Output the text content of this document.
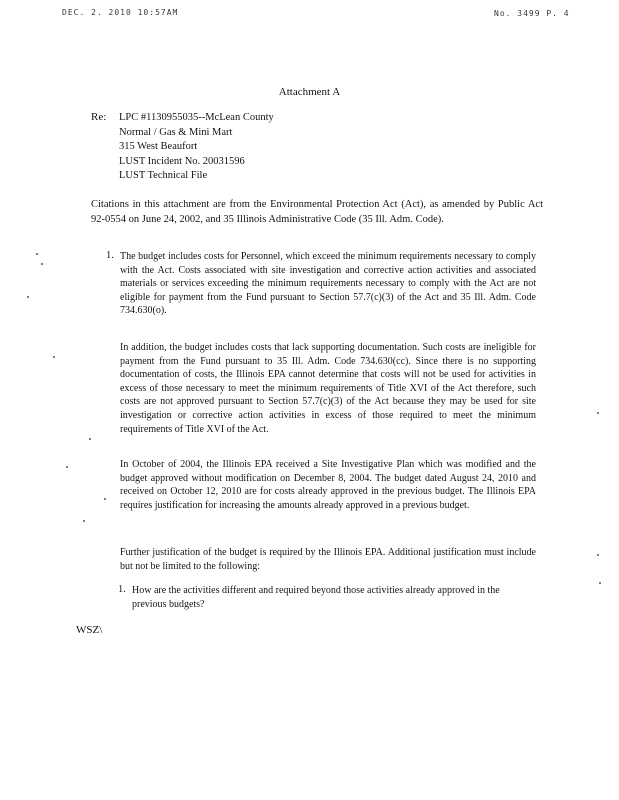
DEC. 2. 2010 10:57AM	No. 3499 P. 4
Attachment A
Re: LPC #1130955035--McLean County
Normal / Gas & Mini Mart
315 West Beaufort
LUST Incident No. 20031596
LUST Technical File
Citations in this attachment are from the Environmental Protection Act (Act), as amended by Public Act 92-0554 on June 24, 2002, and 35 Illinois Administrative Code (35 Ill. Adm. Code).
1. The budget includes costs for Personnel, which exceed the minimum requirements necessary to comply with the Act. Costs associated with site investigation and corrective action activities and associated materials or services exceeding the minimum requirements necessary to comply with the Act are not eligible for payment from the Fund pursuant to Section 57.7(c)(3) of the Act and 35 Ill. Adm. Code 734.630(o).
In addition, the budget includes costs that lack supporting documentation. Such costs are ineligible for payment from the Fund pursuant to 35 Ill. Adm. Code 734.630(cc). Since there is no supporting documentation of costs, the Illinois EPA cannot determine that costs will not be used for activities in excess of those necessary to meet the minimum requirements of Title XVI of the Act therefore, such costs are not approved pursuant to Section 57.7(c)(3) of the Act because they may be used for site investigation or corrective action activities in excess of those required to meet the minimum requirements of Title XVI of the Act.
In October of 2004, the Illinois EPA received a Site Investigative Plan which was modified and the budget approved without modification on December 8, 2004. The budget dated August 24, 2010 and received on October 12, 2010 are for costs already approved in the previous budget. The Illinois EPA requires justification for increasing the amounts already approved in a previous budget.
Further justification of the budget is required by the Illinois EPA. Additional justification must include but not be limited to the following:
1. How are the activities different and required beyond those activities already approved in the previous budgets?
WSZ\
